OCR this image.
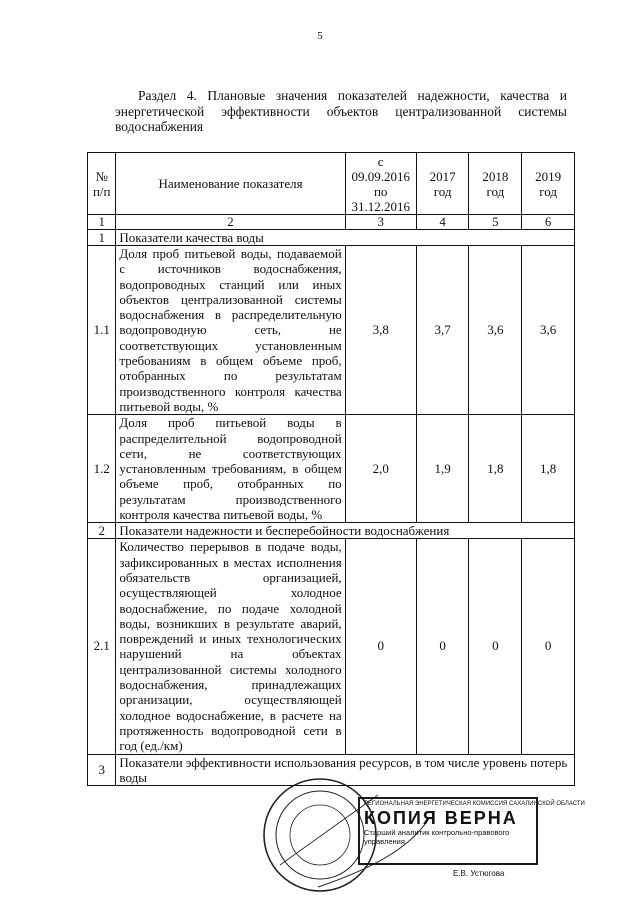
5
Раздел 4. Плановые значения показателей надежности, качества и энергетической эффективности объектов централизованной системы водоснабжения
№ п/п	Наименование показателя	с 09.09.2016 по 31.12.2016	2017 год	2018 год	2019 год
1	2	3	4	5	6
1	Показатели качества воды				
1.1	Доля проб питьевой воды, подаваемой с источников водоснабжения, водопроводных станций или иных объектов централизованной системы водоснабжения в распределительную водопроводную сеть, не соответствующих установленным требованиям в общем объеме проб, отобранных по результатам производственного контроля качества питьевой воды, %	3,8	3,7	3,6	3,6
1.2	Доля проб питьевой воды в распределительной водопроводной сети, не соответствующих установленным требованиям, в общем объеме проб, отобранных по результатам производственного контроля качества питьевой воды, %	2,0	1,9	1,8	1,8
2	Показатели надежности и бесперебойности водоснабжения				
2.1	Количество перерывов в подаче воды, зафиксированных в местах исполнения обязательств организацией, осуществляющей холодное водоснабжение, по подаче холодной воды, возникших в результате аварий, повреждений и иных технологических нарушений на объектах централизованной системы холодного водоснабжения, принадлежащих организации, осуществляющей холодное водоснабжение, в расчете на протяженность водопроводной сети в год (ед./км)	0	0	0	0
3	Показатели эффективности использования ресурсов, в том числе уровень потерь воды				
РЕГИОНАЛЬНАЯ ЭНЕРГЕТИЧЕСКАЯ КОМИССИЯ САХАЛИНСКОЙ ОБЛАСТИ
КОПИЯ ВЕРНА
Старший аналитик контрольно-правового управления
Е.В. Устюгова
